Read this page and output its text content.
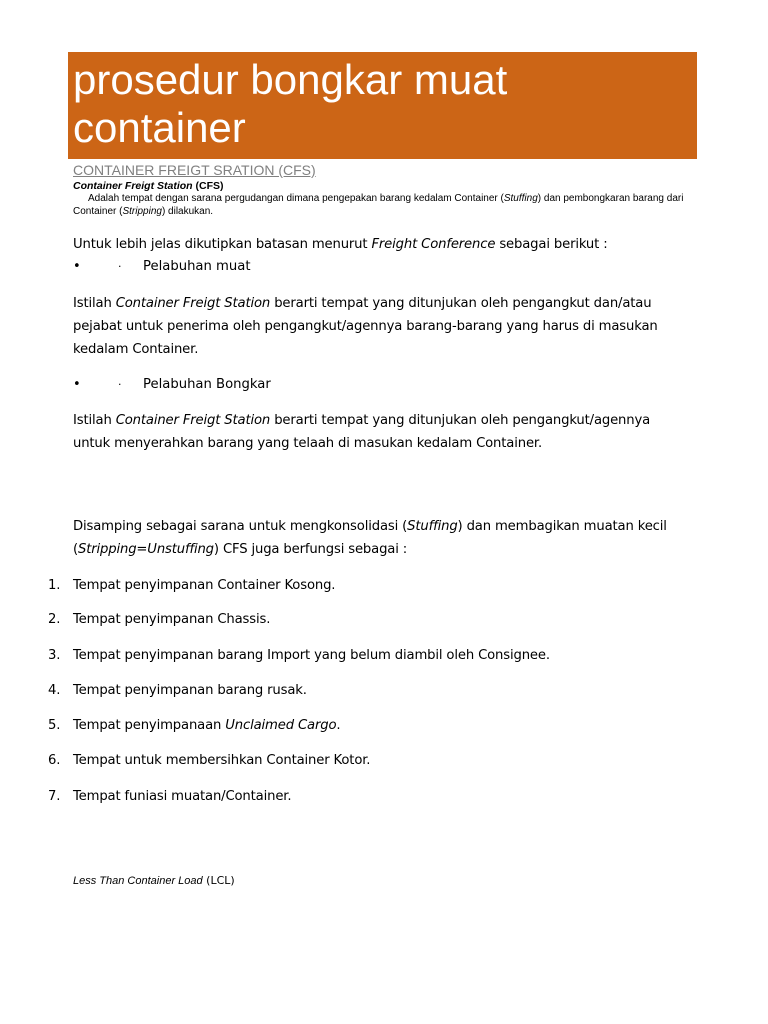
prosedur bongkar muat container
CONTAINER FREIGT SRATION (CFS)
Container Freigt Station (CFS)
Adalah tempat dengan sarana pergudangan dimana pengepakan barang kedalam Container (Stuffing) dan pembongkaran barang dari Container (Stripping) dilakukan.
Untuk lebih jelas dikutipkan batasan menurut Freight Conference sebagai berikut :
•	· Pelabuhan muat
Istilah Container Freigt Station berarti tempat yang ditunjukan oleh pengangkut dan/atau pejabat untuk penerima oleh pengangkut/agennya barang-barang yang harus di masukan kedalam Container.
•	· Pelabuhan Bongkar
Istilah Container Freigt Station berarti tempat yang ditunjukan oleh pengangkut/agennya untuk menyerahkan barang yang telaah di masukan kedalam Container.
Disamping sebagai sarana untuk mengkonsolidasi (Stuffing) dan membagikan muatan kecil (Stripping=Unstuffing) CFS juga berfungsi sebagai :
1. Tempat penyimpanan Container Kosong.
2. Tempat penyimpanan Chassis.
3. Tempat penyimpanan barang Import yang belum diambil oleh Consignee.
4. Tempat penyimpanan barang rusak.
5. Tempat penyimpanaan Unclaimed Cargo.
6. Tempat untuk membersihkan Container Kotor.
7. Tempat funiasi muatan/Container.
Less Than Container Load (LCL)
